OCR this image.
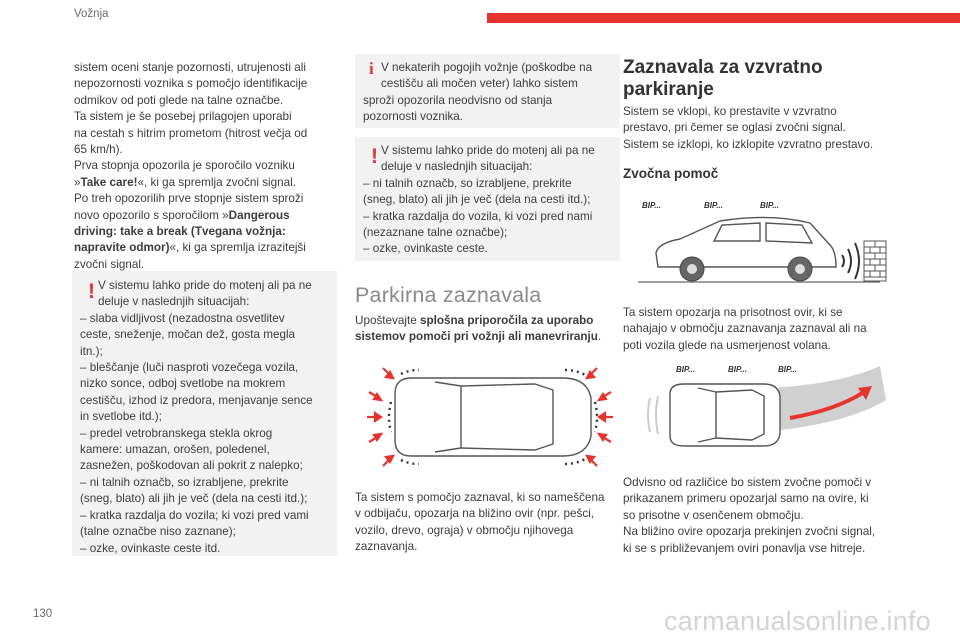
Vožnja

sistem oceni stanje pozornosti, utrujenosti ali

nepozornosti voznika s pomočjo identifikacije

odmikov od poti glede na talne označbe.

Ta sistem je še posebej prilagojen uporabi

na cestah s hitrim prometom (hitrost večja od

65 km/h).

Prva stopnja opozorila je sporočilo vozniku

»Take care!«, ki ga spremlja zvočni signal.

Po treh opozorilih prve stopnje sistem sproži

novo opozorilo s sporočilom »Dangerous

driving: take a break (Tvegana vožnja:

napravite odmor)«, ki ga spremlja izrazitejši

zvočni signal.

! V sistemu lahko pride do motenj ali pa ne

deluje v naslednjih situacijah:

– slaba vidljivost (nezadostna osvetlitev

ceste, sneženje, močan dež, gosta megla

itn.);

– bleščanje (luči nasproti vozečega vozila,

nizko sonce, odboj svetlobe na mokrem

cestišču, izhod iz predora, menjavanje sence

in svetlobe itd.);

– predel vetrobranskega stekla okrog

kamere: umazan, orošen, poledenel,

zasnežen, poškodovan ali pokrit z nalepko;

– ni talnih označb, so izrabljene, prekrite

(sneg, blato) ali jih je več (dela na cesti itd.);

– kratka razdalja do vozila; ki vozi pred vami

(talne označbe niso zaznane);

– ozke, ovinkaste ceste itd.

i V nekaterih pogojih vožnje (poškodbe na

cestišču ali močen veter) lahko sistem

sproži opozorila neodvisno od stanja

pozornosti voznika.

! V sistemu lahko pride do motenj ali pa ne

deluje v naslednjih situacijah:

– ni talnih označb, so izrabljene, prekrite

(sneg, blato) ali jih je več (dela na cesti itd.);

– kratka razdalja do vozila, ki vozi pred nami

(nezaznane talne označbe);

– ozke, ovinkaste ceste.

Parkirna zaznavala

Upoštevajte splošna priporočila za uporabo

sistemov pomoči pri vožnji ali manevriranju.

Ta sistem s pomočjo zaznaval, ki so nameščena

v odbijaču, opozarja na bližino ovir (npr. pešci,

vozilo, drevo, ograja) v območju njihovega

zaznavanja.

Zaznavala za vzvratno
parkiranje

Sistem se vklopi, ko prestavite v vzvratno

prestavo, pri čemer se oglasi zvočni signal.

Sistem se izklopi, ko izklopite vzvratno prestavo.

Zvočna pomoč
BIP...	BIP...	BIP...

Ta sistem opozarja na prisotnost ovir, ki se

nahajajo v območju zaznavanja zaznaval ali na

poti vozila glede na usmerjenost volana.

BIP...	BIP...	BIP...

Odvisno od različice bo sistem zvočne pomoči v

prikazanem primeru opozarjal samo na ovire, ki

so prisotne v osenčenem območju.

Na bližino ovire opozarja prekinjen zvočni signal,

ki se s približevanjem oviri ponavlja vse hitreje.

130	carmanualsonline.info
